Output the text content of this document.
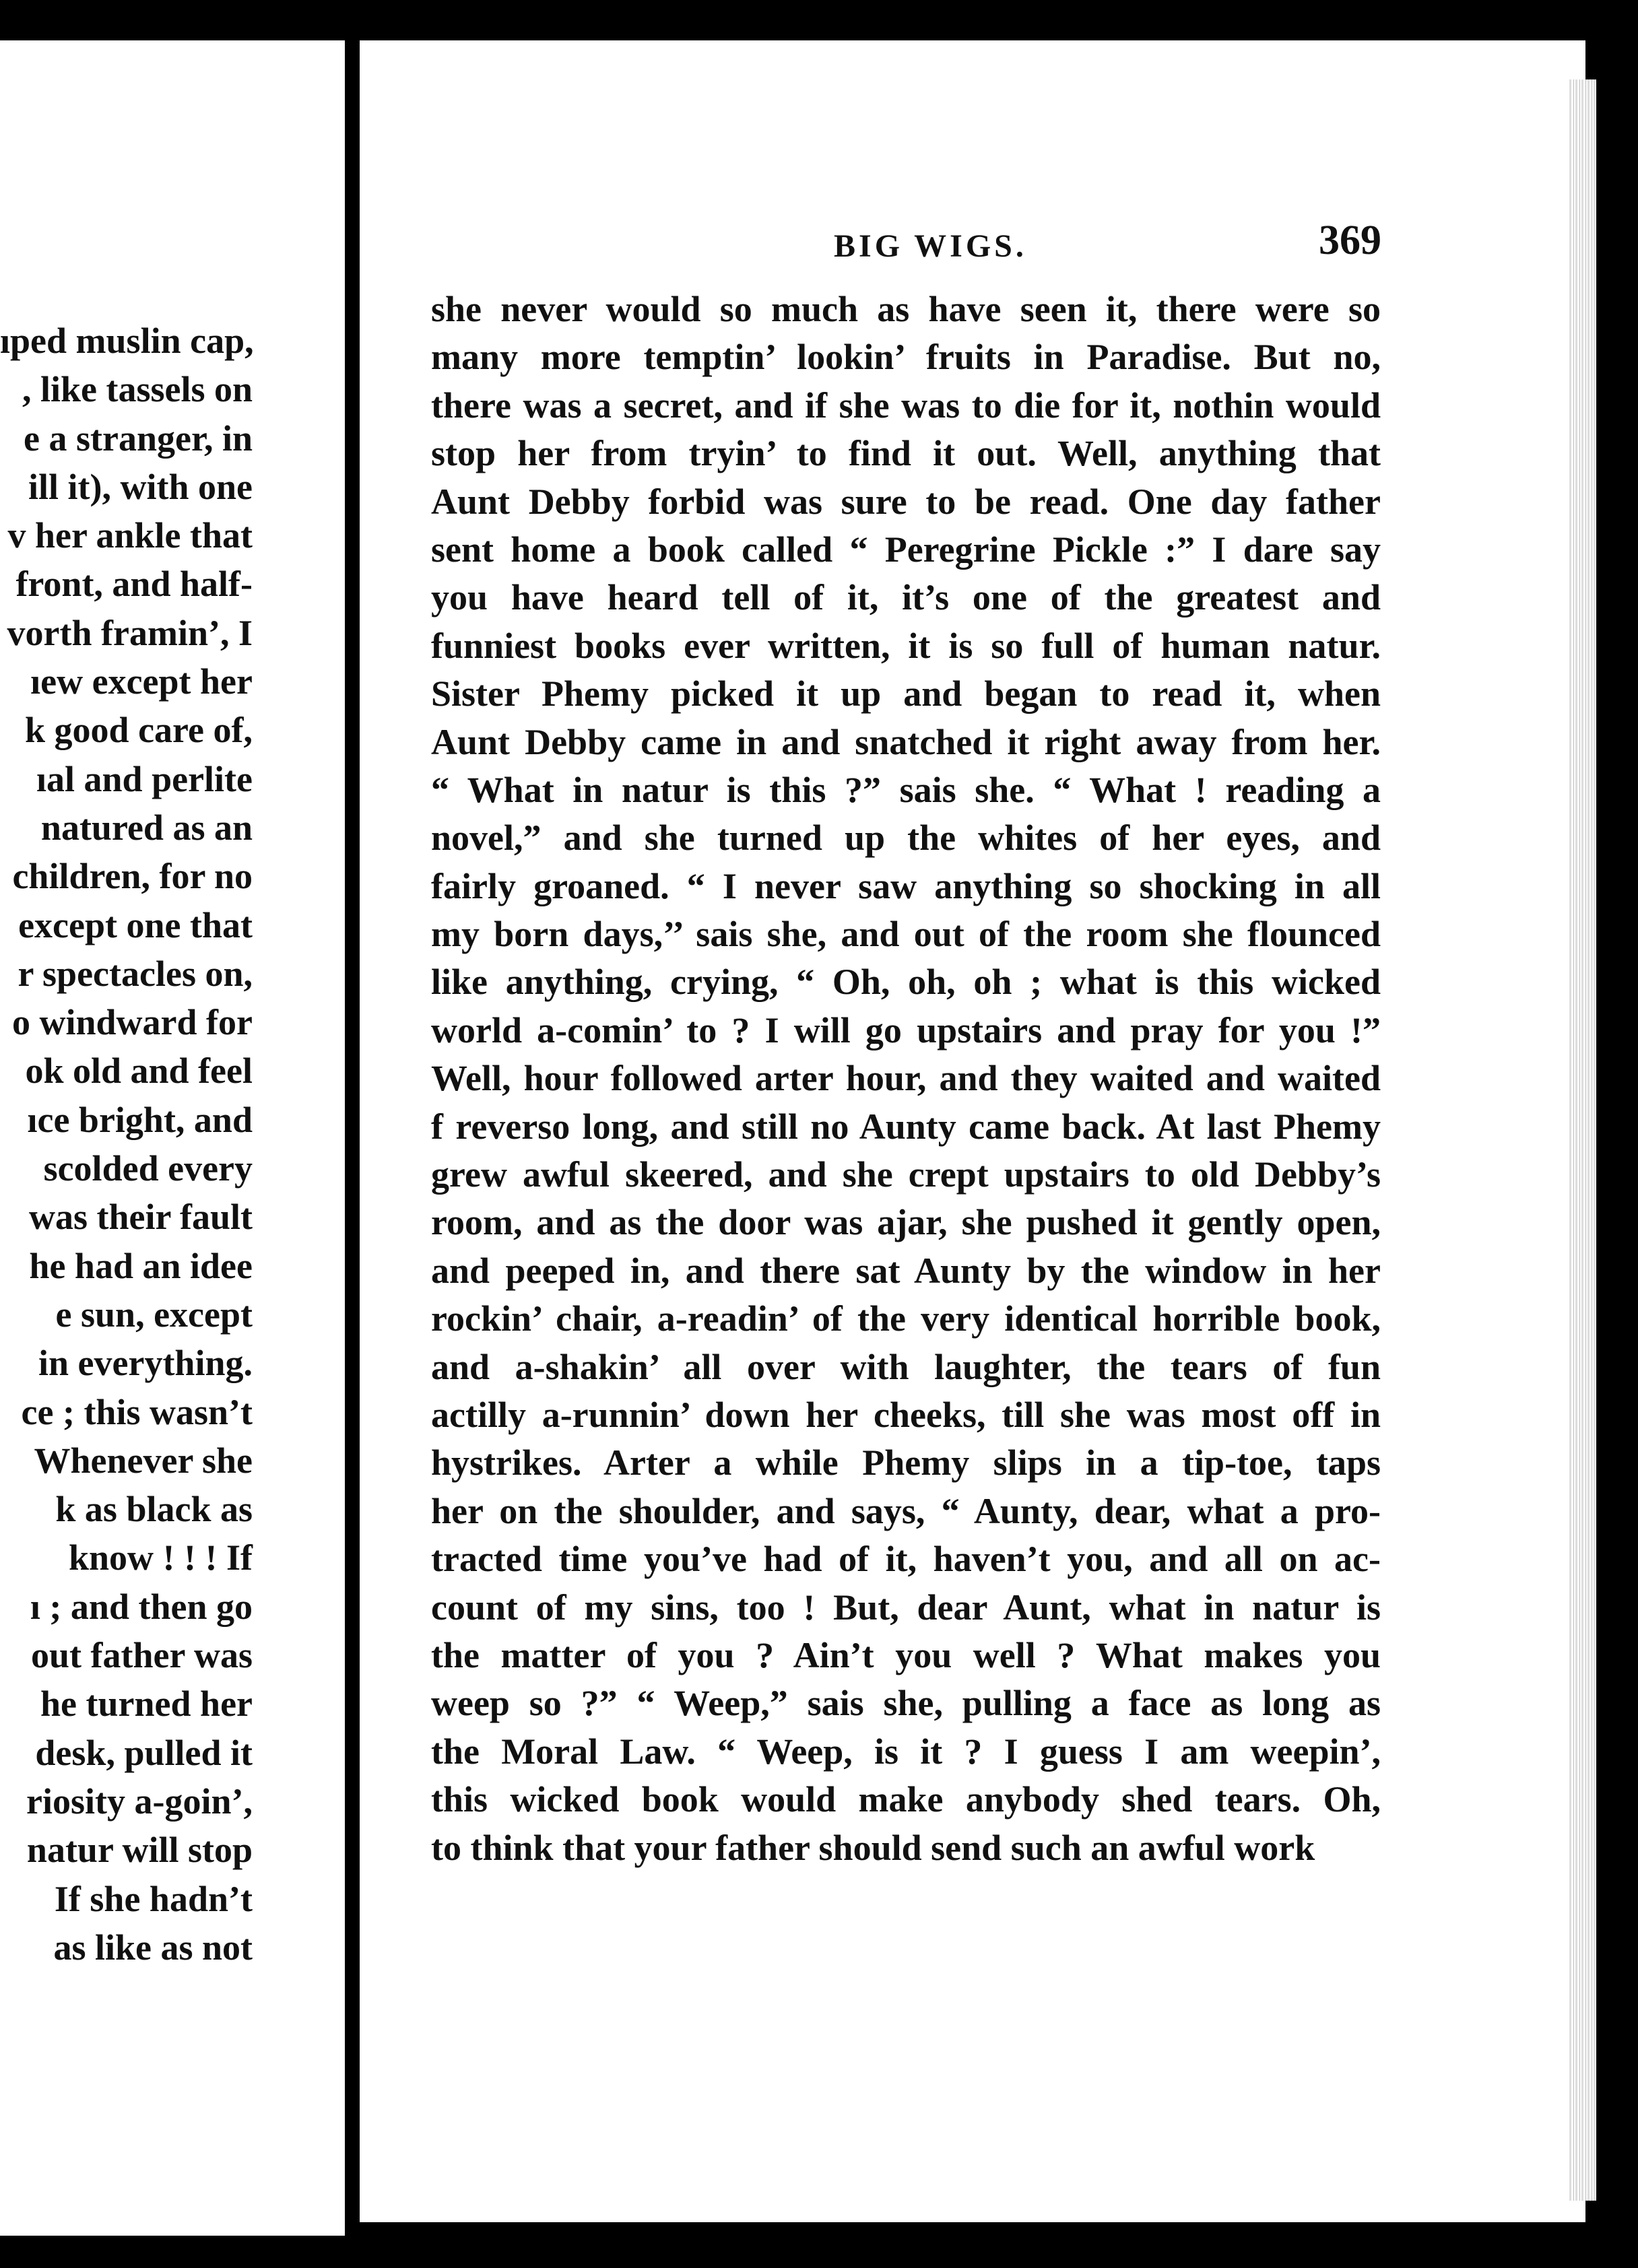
ıped muslin cap,
, like tassels on
e a stranger, in
ill it), with one
v her ankle that
front, and half-
vorth framin’, I
ıew except her
k good care of,
ıal and perlite
natured as an
children, for no
except one that
r spectacles on,
o windward for
ok old and feel
ıce bright, and
scolded every
was their fault
he had an idee
e sun, except
in everything.
ce ; this wasn’t
Whenever she
k as black as
know ! ! ! If
ı ; and then go
out father was
he turned her
desk, pulled it
riosity a-goin’,
natur will stop
If she hadn’t
as like as not
BIG WIGS.	369
she never would so much as have seen it, there were so
many more temptin’ lookin’ fruits in Paradise. But no,
there was a secret, and if she was to die for it, nothin would
stop her from tryin’ to find it out. Well, anything that
Aunt Debby forbid was sure to be read. One day father
sent home a book called “ Peregrine Pickle :” I dare say
you have heard tell of it, it’s one of the greatest and
funniest books ever written, it is so full of human natur.
Sister Phemy picked it up and began to read it, when
Aunt Debby came in and snatched it right away from her.
“ What in natur is this ?” sais she. “ What ! reading a
novel,” and she turned up the whites of her eyes, and
fairly groaned. “ I never saw anything so shocking in all
my born days,’’ sais she, and out of the room she flounced
like anything, crying, “ Oh, oh, oh ; what is this wicked
world a-comin’ to ? I will go upstairs and pray for you !”
Well, hour followed arter hour, and they waited and waited
f reverso long, and still no Aunty came back. At last Phemy
grew awful skeered, and she crept upstairs to old Debby’s
room, and as the door was ajar, she pushed it gently open,
and peeped in, and there sat Aunty by the window in her
rockin’ chair, a-readin’ of the very identical horrible book,
and a-shakin’ all over with laughter, the tears of fun
actilly a-runnin’ down her cheeks, till she was most off in
hystrikes. Arter a while Phemy slips in a tip-toe, taps
her on the shoulder, and says, “ Aunty, dear, what a pro-
tracted time you’ve had of it, haven’t you, and all on ac-
count of my sins, too ! But, dear Aunt, what in natur is
the matter of you ? Ain’t you well ? What makes you
weep so ?” “ Weep,” sais she, pulling a face as long as
the Moral Law. “ Weep, is it ? I guess I am weepin’,
this wicked book would make anybody shed tears. Oh,
to think that your father should send such an awful work
